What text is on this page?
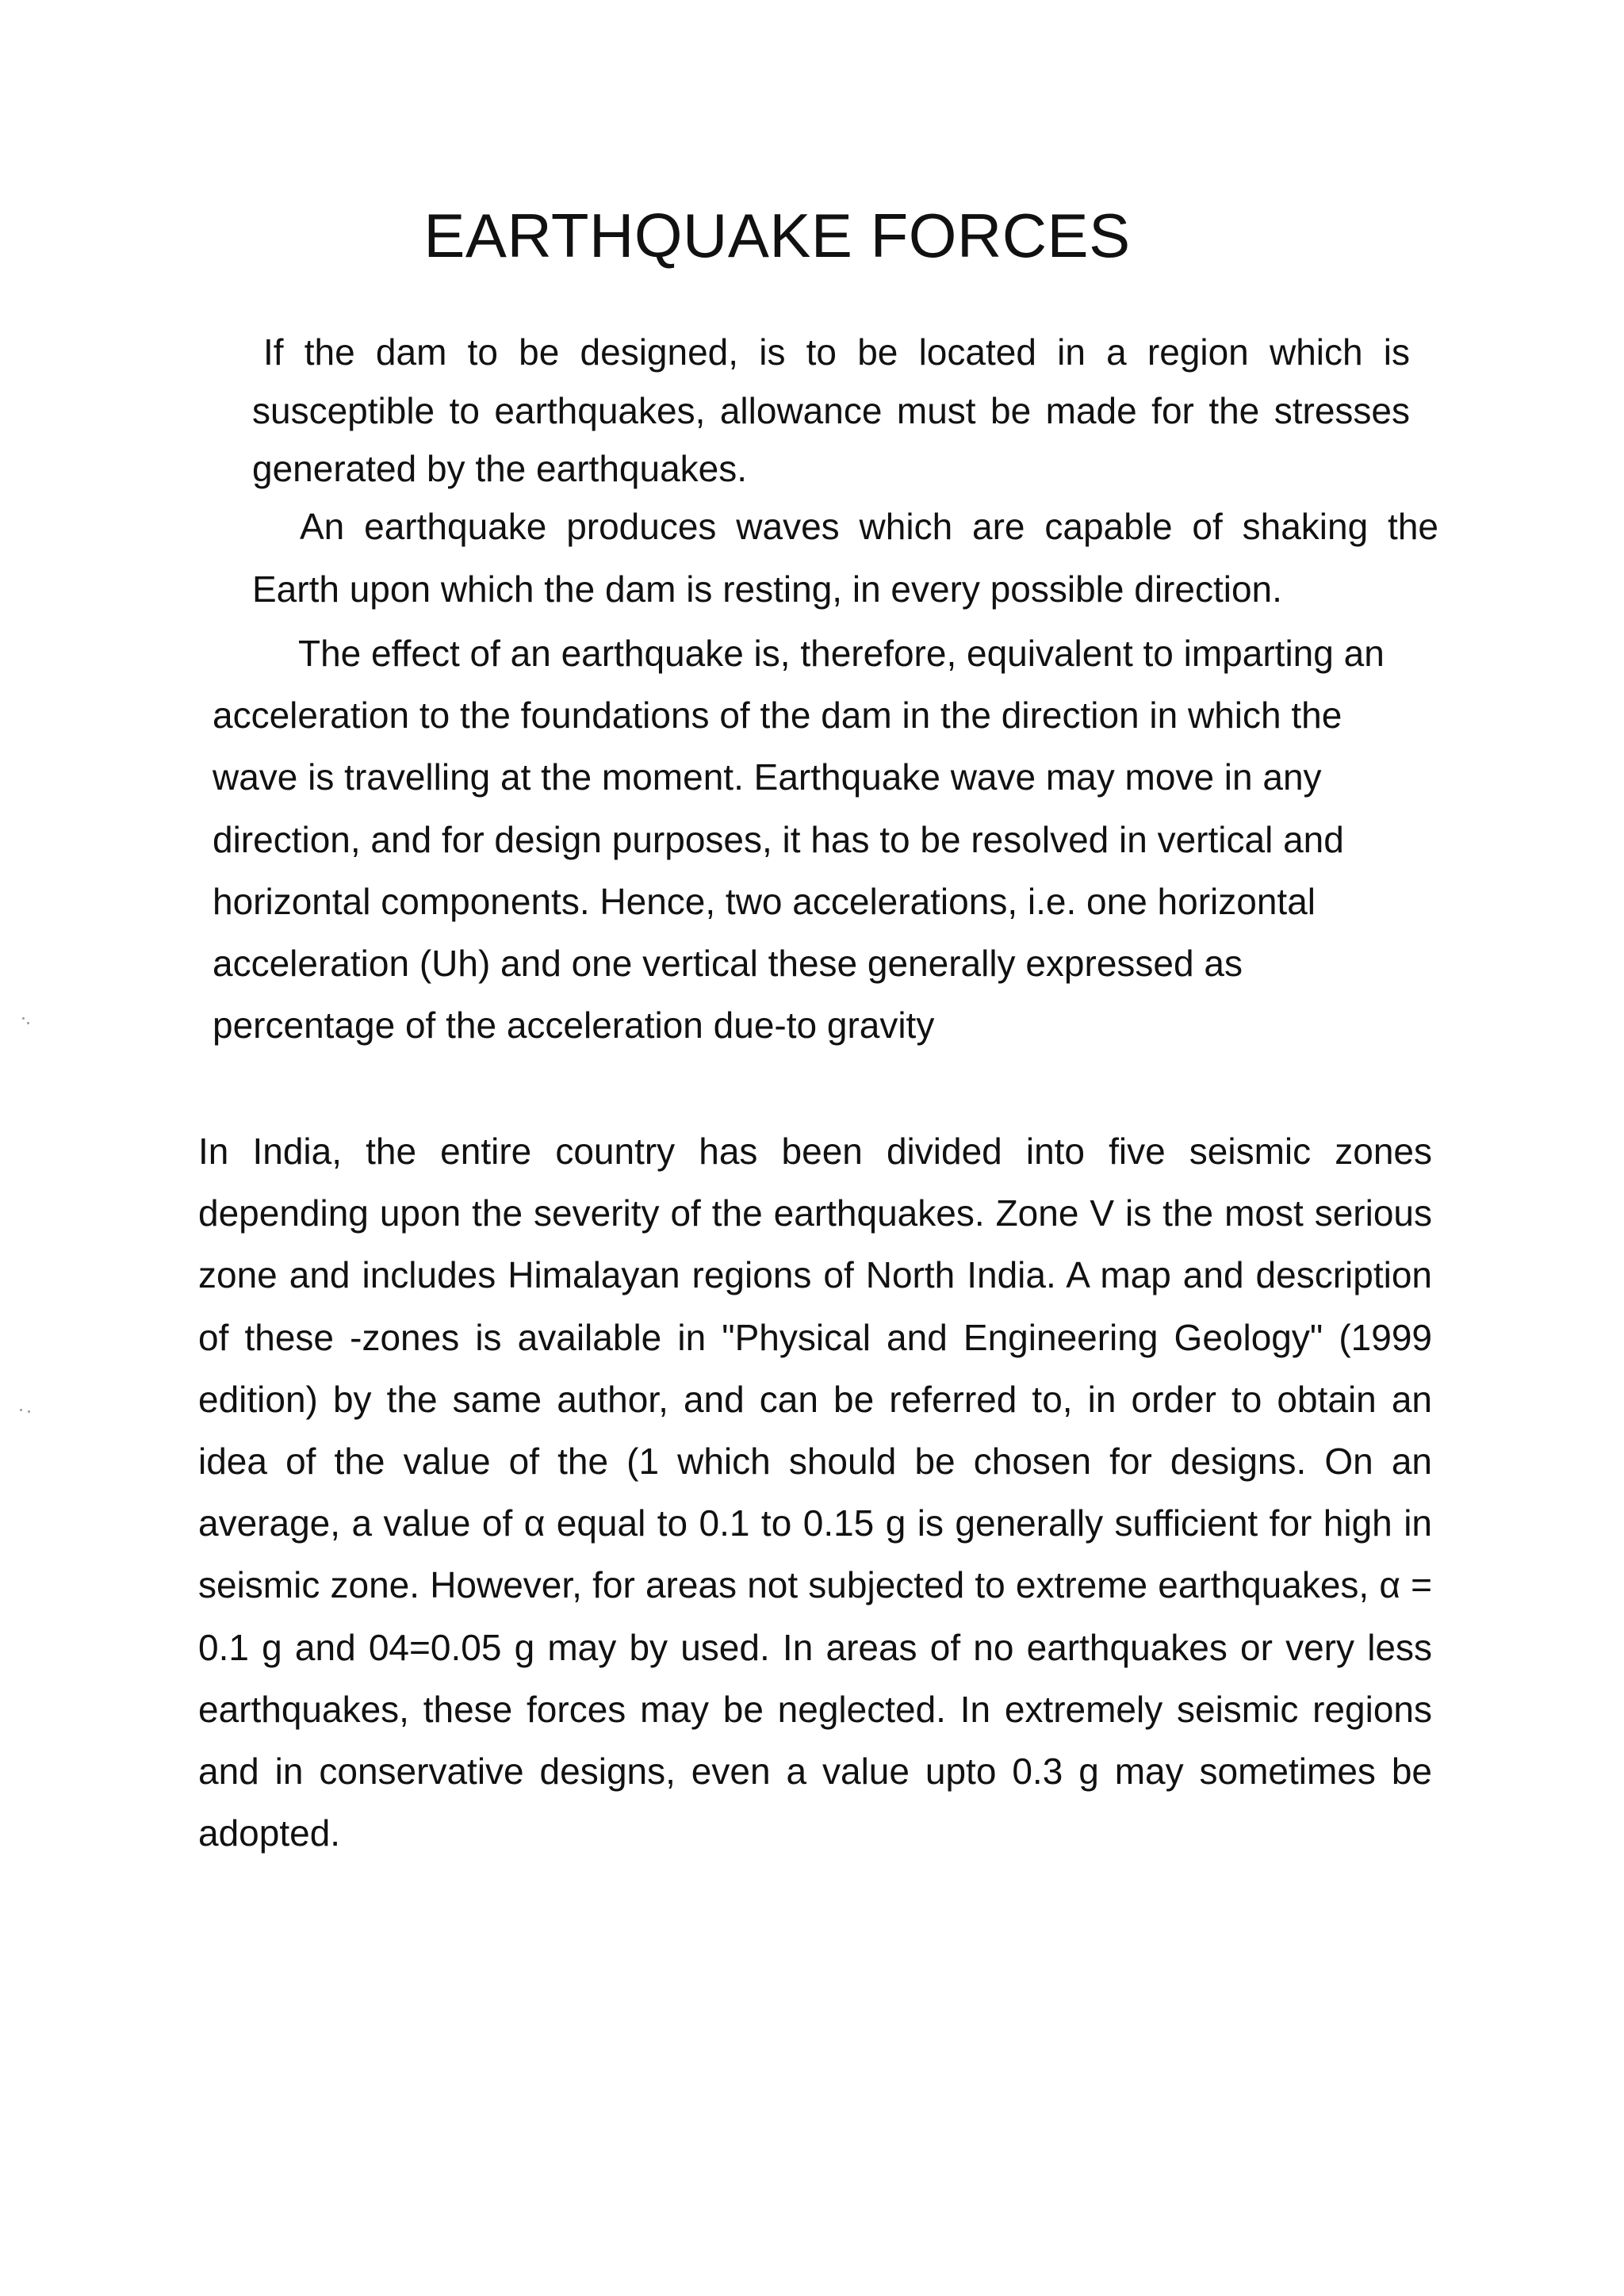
EARTHQUAKE FORCES

If the dam to be designed, is to be located in a region which is susceptible to earthquakes, allowance must be made for the stresses generated by the earthquakes.

An earthquake produces waves which are capable of shaking the Earth upon which the dam is resting, in every possible direction.

The effect of an earthquake is, therefore, equivalent to imparting an acceleration to the foundations of the dam in the direction in which the wave is travelling at the moment. Earthquake wave may move in any direction, and for design purposes, it has to be resolved in vertical and horizontal components. Hence, two accelerations, i.e. one horizontal acceleration (Uh) and one vertical these generally expressed as percentage of the acceleration due-to gravity

In India, the entire country has been divided into five seismic zones depending upon the severity of the earthquakes. Zone V is the most serious zone and includes Himalayan regions of North India. A map and description of these -zones is available in "Physical and Engineering Geology" (1999 edition) by the same author, and can be referred to, in order to obtain an idea of the value of the (1 which should be chosen for designs. On an average, a value of α equal to 0.1 to 0.15 g is generally sufficient for high in seismic zone. However, for areas not subjected to extreme earthquakes, α = 0.1 g and 04=0.05 g may by used. In areas of no earthquakes or very less earthquakes, these forces may be neglected. In extremely seismic regions and in conservative designs, even a value upto 0.3 g may sometimes be adopted.
